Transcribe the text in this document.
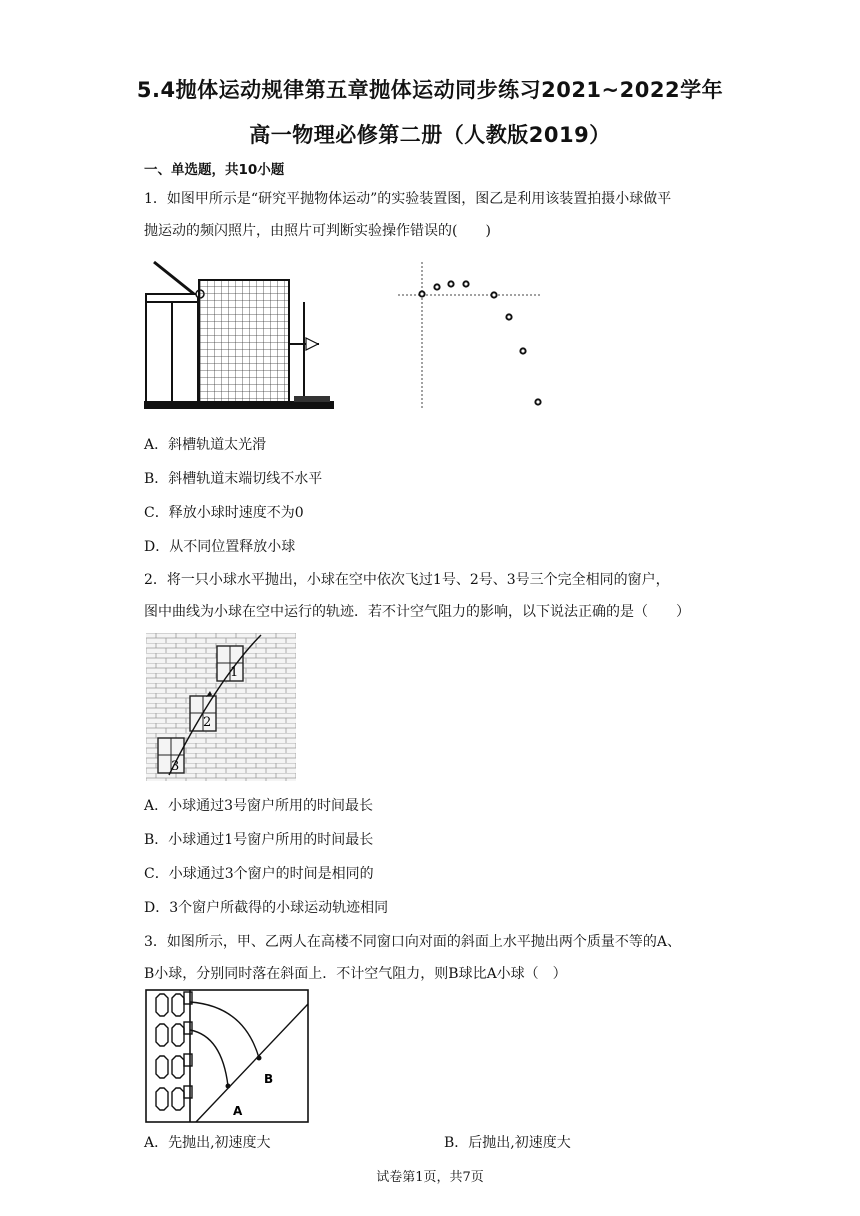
5.4抛体运动规律第五章抛体运动同步练习2021~2022学年
高一物理必修第二册（人教版2019）
一、单选题，共10小题
1．如图甲所示是“研究平抛物体运动”的实验装置图，图乙是利用该装置拍摄小球做平
抛运动的频闪照片，由照片可判断实验操作错误的(　　)
A．斜槽轨道太光滑
B．斜槽轨道末端切线不水平
C．释放小球时速度不为0
D．从不同位置释放小球
2．将一只小球水平抛出，小球在空中依次飞过1号、2号、3号三个完全相同的窗户，
图中曲线为小球在空中运行的轨迹．若不计空气阻力的影响，以下说法正确的是（　　）
1
2
3
A．小球通过3号窗户所用的时间最长
B．小球通过1号窗户所用的时间最长
C．小球通过3个窗户的时间是相同的
D．3个窗户所截得的小球运动轨迹相同
3．如图所示，甲、乙两人在高楼不同窗口向对面的斜面上水平抛出两个质量不等的A、
B小球，分别同时落在斜面上．不计空气阻力，则B球比A小球（　）
B
A
A．先抛出,初速度大	B．后抛出,初速度大
试卷第1页，共7页
